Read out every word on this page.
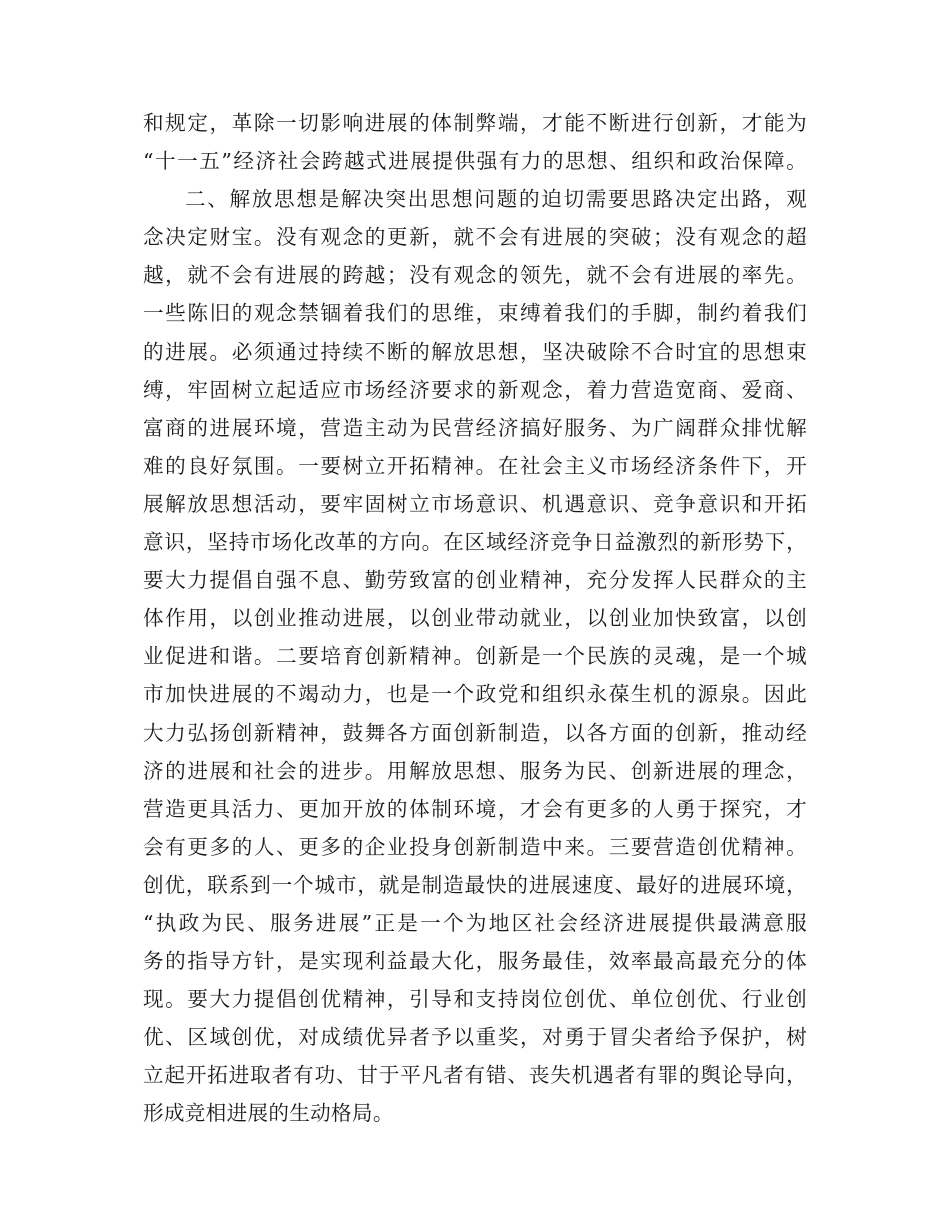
和规定，革除一切影响进展的体制弊端，才能不断进行创新，才能为
“十一五”经济社会跨越式进展提供强有力的思想、组织和政治保障。
二、解放思想是解决突出思想问题的迫切需要思路决定出路，观
念决定财宝。没有观念的更新，就不会有进展的突破；没有观念的超
越，就不会有进展的跨越；没有观念的领先，就不会有进展的率先。
一些陈旧的观念禁锢着我们的思维，束缚着我们的手脚，制约着我们
的进展。必须通过持续不断的解放思想，坚决破除不合时宜的思想束
缚，牢固树立起适应市场经济要求的新观念，着力营造宽商、爱商、
富商的进展环境，营造主动为民营经济搞好服务、为广阔群众排忧解
难的良好氛围。一要树立开拓精神。在社会主义市场经济条件下，开
展解放思想活动，要牢固树立市场意识、机遇意识、竞争意识和开拓
意识，坚持市场化改革的方向。在区域经济竞争日益激烈的新形势下，
要大力提倡自强不息、勤劳致富的创业精神，充分发挥人民群众的主
体作用，以创业推动进展，以创业带动就业，以创业加快致富，以创
业促进和谐。二要培育创新精神。创新是一个民族的灵魂，是一个城
市加快进展的不竭动力，也是一个政党和组织永葆生机的源泉。因此
大力弘扬创新精神，鼓舞各方面创新制造，以各方面的创新，推动经
济的进展和社会的进步。用解放思想、服务为民、创新进展的理念，
营造更具活力、更加开放的体制环境，才会有更多的人勇于探究，才
会有更多的人、更多的企业投身创新制造中来。三要营造创优精神。
创优，联系到一个城市，就是制造最快的进展速度、最好的进展环境，
“执政为民、服务进展”正是一个为地区社会经济进展提供最满意服
务的指导方针，是实现利益最大化，服务最佳，效率最高最充分的体
现。要大力提倡创优精神，引导和支持岗位创优、单位创优、行业创
优、区域创优，对成绩优异者予以重奖，对勇于冒尖者给予保护，树
立起开拓进取者有功、甘于平凡者有错、丧失机遇者有罪的舆论导向，
形成竞相进展的生动格局。
